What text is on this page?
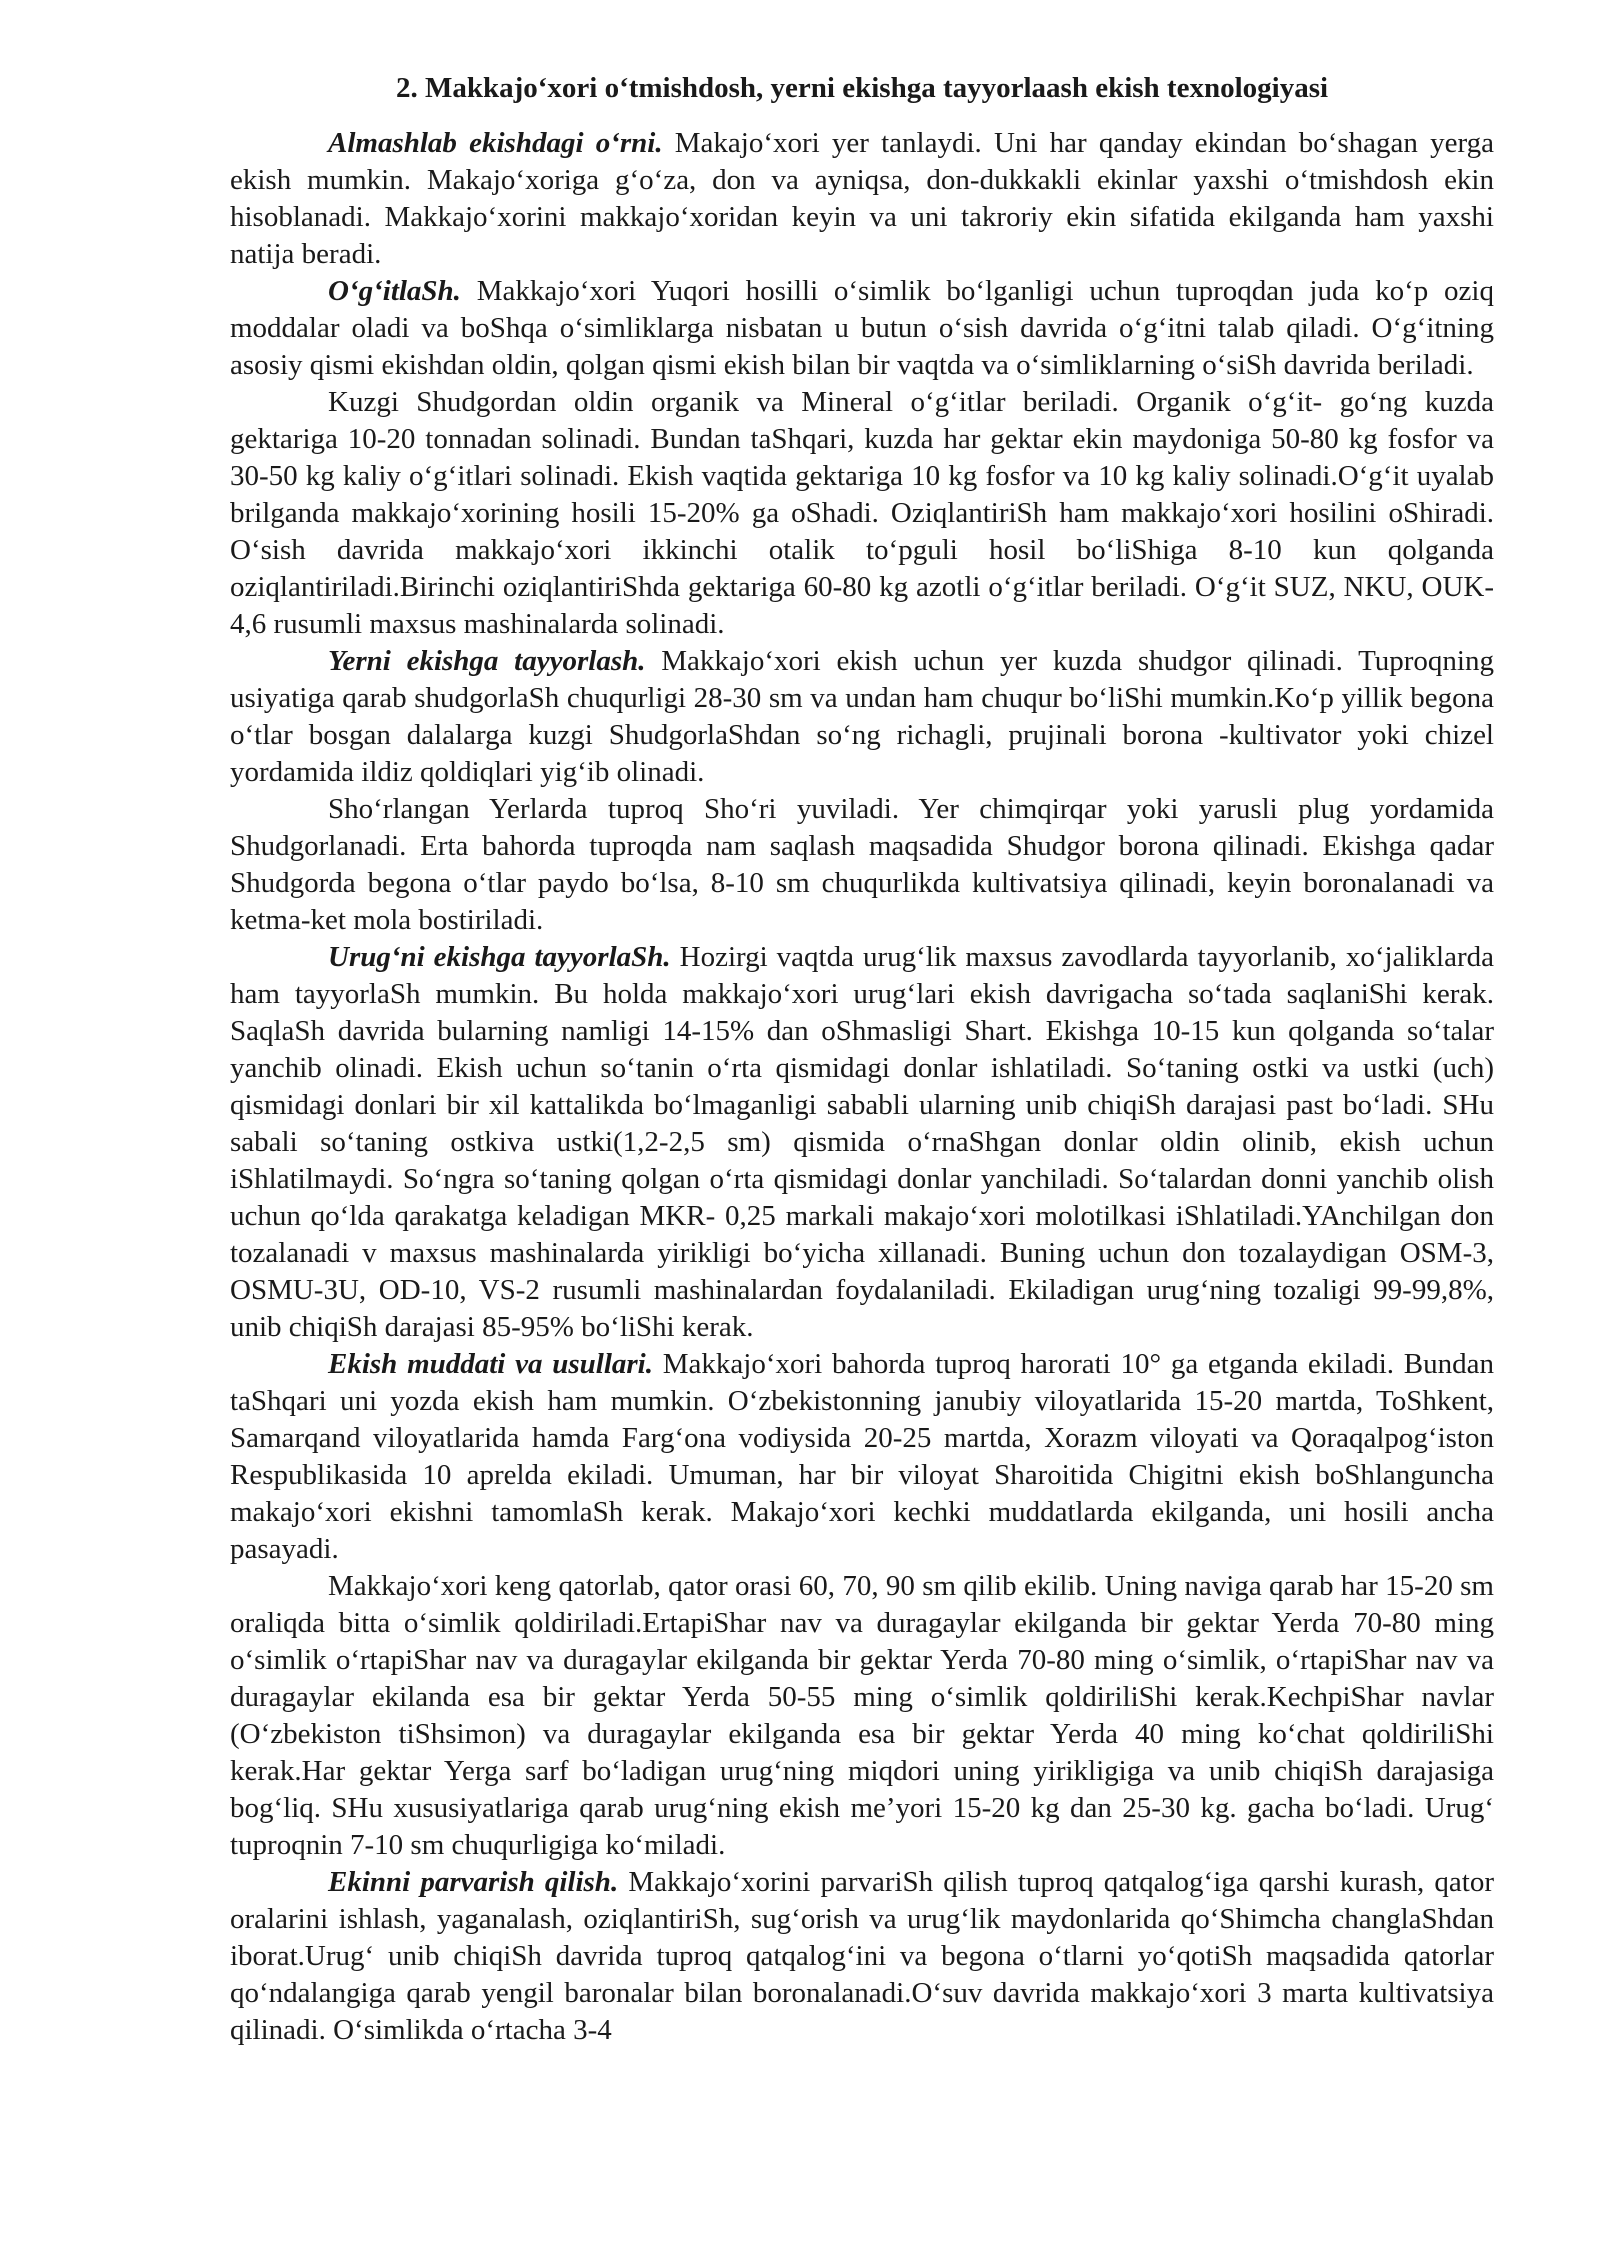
2. Makkajo‘xori o‘tmishdosh, yerni ekishga tayyorlaash ekish texnologiyasi

Almashlab ekishdagi o‘rni. Makajo‘xori yer tanlaydi. Uni har qanday ekindan bo‘shagan yerga ekish mumkin. Makajo‘xoriga g‘o‘za, don va ayniqsa, don-dukkakli ekinlar yaxshi o‘tmishdosh ekin hisoblanadi. Makkajo‘xorini makkajo‘xoridan keyin va uni takroriy ekin sifatida ekilganda ham yaxshi natija beradi.

O‘g‘itlaSh. Makkajo‘xori Yuqori hosilli o‘simlik bo‘lganligi uchun tuproqdan juda ko‘p oziq moddalar oladi va boShqa o‘simliklarga nisbatan u butun o‘sish davrida o‘g‘itni talab qiladi. O‘g‘itning asosiy qismi ekishdan oldin, qolgan qismi ekish bilan bir vaqtda va o‘simliklarning o‘siSh davrida beriladi.

Kuzgi Shudgordan oldin organik va Mineral o‘g‘itlar beriladi. Organik o‘g‘it- go‘ng kuzda gektariga 10-20 tonnadan solinadi. Bundan taShqari, kuzda har gektar ekin maydoniga 50-80 kg fosfor va 30-50 kg kaliy o‘g‘itlari solinadi. Ekish vaqtida gektariga 10 kg fosfor va 10 kg kaliy solinadi.O‘g‘it uyalab brilganda makkajo‘xorining hosili 15-20% ga oShadi. OziqlantiriSh ham makkajo‘xori hosilini oShiradi. O‘sish davrida makkajo‘xori ikkinchi otalik to‘pguli hosil bo‘liShiga 8-10 kun qolganda oziqlantiriladi.Birinchi oziqlantiriShda gektariga 60-80 kg azotli o‘g‘itlar beriladi. O‘g‘it SUZ, NKU, OUK-4,6 rusumli maxsus mashinalarda solinadi.

Yerni ekishga tayyorlash. Makkajo‘xori ekish uchun yer kuzda shudgor qilinadi. Tuproqning usiyatiga qarab shudgorlaSh chuqurligi 28-30 sm va undan ham chuqur bo‘liShi mumkin.Ko‘p yillik begona o‘tlar bosgan dalalarga kuzgi ShudgorlaShdan so‘ng richagli, prujinali borona -kultivator yoki chizel yordamida ildiz qoldiqlari yig‘ib olinadi.

Sho‘rlangan Yerlarda tuproq Sho‘ri yuviladi. Yer chimqirqar yoki yarusli plug yordamida Shudgorlanadi. Erta bahorda tuproqda nam saqlash maqsadida Shudgor borona qilinadi. Ekishga qadar Shudgorda begona o‘tlar paydo bo‘lsa, 8-10 sm chuqurlikda kultivatsiya qilinadi, keyin boronalanadi va ketma-ket mola bostiriladi.

Urug‘ni ekishga tayyorlaSh. Hozirgi vaqtda urug‘lik maxsus zavodlarda tayyorlanib, xo‘jaliklarda ham tayyorlaSh mumkin. Bu holda makkajo‘xori urug‘lari ekish davrigacha so‘tada saqlaniShi kerak. SaqlaSh davrida bularning namligi 14-15% dan oShmasligi Shart. Ekishga 10-15 kun qolganda so‘talar yanchib olinadi. Ekish uchun so‘tanin o‘rta qismidagi donlar ishlatiladi. So‘taning ostki va ustki (uch) qismidagi donlari bir xil kattalikda bo‘lmaganligi sababli ularning unib chiqiSh darajasi past bo‘ladi. SHu sabali so‘taning ostkiva ustki(1,2-2,5 sm) qismida o‘rnaShgan donlar oldin olinib, ekish uchun iShlatilmaydi. So‘ngra so‘taning qolgan o‘rta qismidagi donlar yanchiladi. So‘talardan donni yanchib olish uchun qo‘lda qarakatga keladigan MKR- 0,25 markali makajo‘xori molotilkasi iShlatiladi.YAnchilgan don tozalanadi v maxsus mashinalarda yirikligi bo‘yicha xillanadi. Buning uchun don tozalaydigan OSM-3, OSMU-3U, OD-10, VS-2 rusumli mashinalardan foydalaniladi. Ekiladigan urug‘ning tozaligi 99-99,8%, unib chiqiSh darajasi 85-95% bo‘liShi kerak.

Ekish muddati va usullari. Makkajo‘xori bahorda tuproq harorati 10° ga etganda ekiladi. Bundan taShqari uni yozda ekish ham mumkin. O‘zbekistonning janubiy viloyatlarida 15-20 martda, ToShkent, Samarqand viloyatlarida hamda Farg‘ona vodiysida 20-25 martda, Xorazm viloyati va Qoraqalpog‘iston Respublikasida 10 aprelda ekiladi. Umuman, har bir viloyat Sharoitida Chigitni ekish boShlanguncha makajo‘xori ekishni tamomlaSh kerak. Makajo‘xori kechki muddatlarda ekilganda, uni hosili ancha pasayadi.

Makkajo‘xori keng qatorlab, qator orasi 60, 70, 90 sm qilib ekilib. Uning naviga qarab har 15-20 sm oraliqda bitta o‘simlik qoldiriladi.ErtapiShar nav va duragaylar ekilganda bir gektar Yerda 70-80 ming o‘simlik o‘rtapiShar nav va duragaylar ekilganda bir gektar Yerda 70-80 ming o‘simlik, o‘rtapiShar nav va duragaylar ekilanda esa bir gektar Yerda 50-55 ming o‘simlik qoldiriliShi kerak.KechpiShar navlar (O‘zbekiston tiShsimon) va duragaylar ekilganda esa bir gektar Yerda 40 ming ko‘chat qoldiriliShi kerak.Har gektar Yerga sarf bo‘ladigan urug‘ning miqdori uning yirikligiga va unib chiqiSh darajasiga bog‘liq. SHu xususiyatlariga qarab urug‘ning ekish me’yori 15-20 kg dan 25-30 kg. gacha bo‘ladi. Urug‘ tuproqnin 7-10 sm chuqurligiga ko‘miladi.

Ekinni parvarish qilish. Makkajo‘xorini parvariSh qilish tuproq qatqalog‘iga qarshi kurash, qator oralarini ishlash, yaganalash, oziqlantiriSh, sug‘orish va urug‘lik maydonlarida qo‘Shimcha changlaShdan iborat.Urug‘ unib chiqiSh davrida tuproq qatqalog‘ini va begona o‘tlarni yo‘qotiSh maqsadida qatorlar qo‘ndalangiga qarab yengil baronalar bilan boronalanadi.O‘suv davrida makkajo‘xori 3 marta kultivatsiya qilinadi. O‘simlikda o‘rtacha 3-4
